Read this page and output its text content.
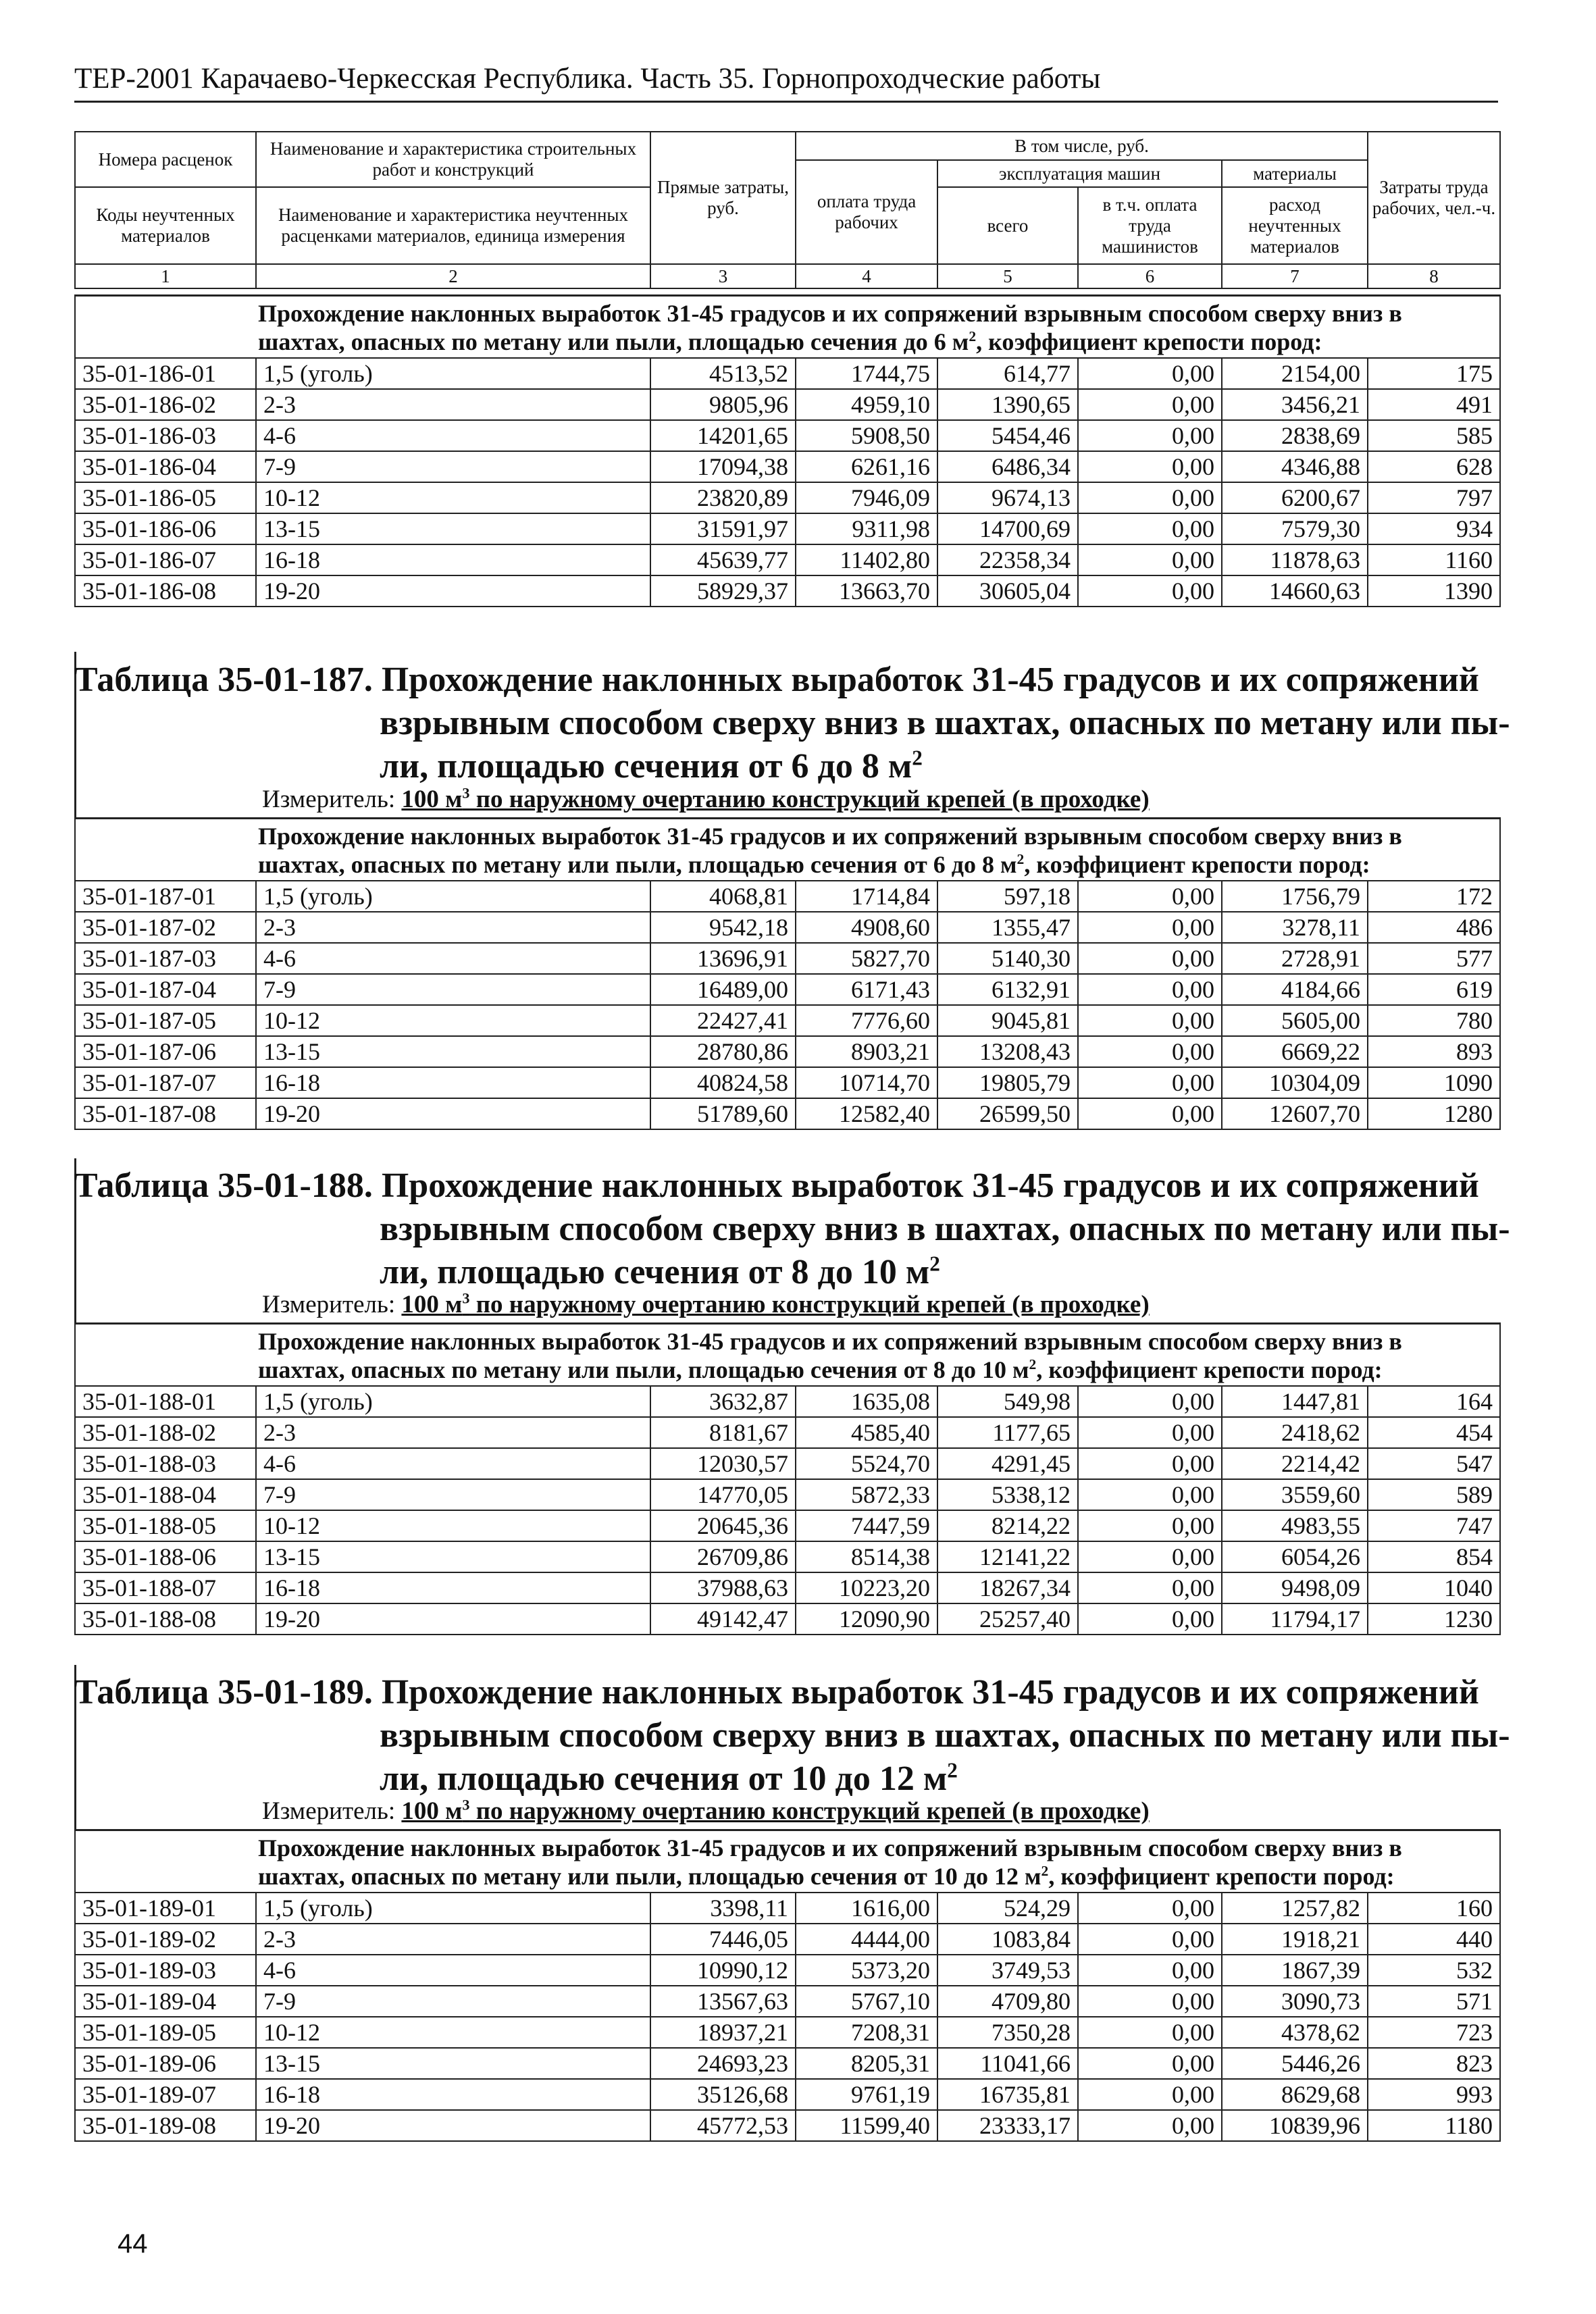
ТЕР-2001 Карачаево-Черкесская Республика. Часть 35. Горнопроходческие работы
Номера расценок	Наименование и характеристика строительных работ и конструкций	Прямые затраты, руб.	В том числе, руб.				Затраты труда рабочих, чел.-ч.
			оплата труда рабочих	эксплуатация машин		материалы	
Коды неучтенных материалов	Наименование и характеристика неучтенных расценками материалов, единица измерения			всего	в т.ч. оплата труда машинистов	расход неучтенных материалов	

1	2	3	4	5	6	7	8
Прохождение наклонных выработок 31-45 градусов и их сопряжений взрывным способом сверху вниз в шахтах, опасных по метану или пыли, площадью сечения до 6 $м^2$, коэффициент крепости пород:							
35-01-186-01	1,5 (уголь)	4513,52	1744,75	614,77	0,00	2154,00	175
35-01-186-02	2-3	9805,96	4959,10	1390,65	0,00	3456,21	491
35-01-186-03	4-6	14201,65	5908,50	5454,46	0,00	2838,69	585
35-01-186-04	7-9	17094,38	6261,16	6486,34	0,00	4346,88	628
35-01-186-05	10-12	23820,89	7946,09	9674,13	0,00	6200,67	797
35-01-186-06	13-15	31591,97	9311,98	14700,69	0,00	7579,30	934
35-01-186-07	16-18	45639,77	11402,80	22358,34	0,00	11878,63	1160
35-01-186-08	19-20	58929,37	13663,70	30605,04	0,00	14660,63	1390
Таблица 35-01-187. Прохождение наклонных выработок 31-45 градусов и их сопряжений
взрывным способом сверху вниз в шахтах, опасных по метану или пы-
ли, площадью сечения от 6 до 8 $м^2$
Измеритель: 100 $м^3$ по наружному очертанию конструкций крепей (в проходке)
Прохождение наклонных выработок 31-45 градусов и их сопряжений взрывным способом сверху вниз в шахтах, опасных по метану или пыли, площадью сечения от 6 до 8 $м^2$, коэффициент крепости пород:							
35-01-187-01	1,5 (уголь)	4068,81	1714,84	597,18	0,00	1756,79	172
35-01-187-02	2-3	9542,18	4908,60	1355,47	0,00	3278,11	486
35-01-187-03	4-6	13696,91	5827,70	5140,30	0,00	2728,91	577
35-01-187-04	7-9	16489,00	6171,43	6132,91	0,00	4184,66	619
35-01-187-05	10-12	22427,41	7776,60	9045,81	0,00	5605,00	780
35-01-187-06	13-15	28780,86	8903,21	13208,43	0,00	6669,22	893
35-01-187-07	16-18	40824,58	10714,70	19805,79	0,00	10304,09	1090
35-01-187-08	19-20	51789,60	12582,40	26599,50	0,00	12607,70	1280
Таблица 35-01-188. Прохождение наклонных выработок 31-45 градусов и их сопряжений
взрывным способом сверху вниз в шахтах, опасных по метану или пы-
ли, площадью сечения от 8 до 10 $м^2$
Измеритель: 100 $м^3$ по наружному очертанию конструкций крепей (в проходке)
Прохождение наклонных выработок 31-45 градусов и их сопряжений взрывным способом сверху вниз в шахтах, опасных по метану или пыли, площадью сечения от 8 до 10 $м^2$, коэффициент крепости пород:							
35-01-188-01	1,5 (уголь)	3632,87	1635,08	549,98	0,00	1447,81	164
35-01-188-02	2-3	8181,67	4585,40	1177,65	0,00	2418,62	454
35-01-188-03	4-6	12030,57	5524,70	4291,45	0,00	2214,42	547
35-01-188-04	7-9	14770,05	5872,33	5338,12	0,00	3559,60	589
35-01-188-05	10-12	20645,36	7447,59	8214,22	0,00	4983,55	747
35-01-188-06	13-15	26709,86	8514,38	12141,22	0,00	6054,26	854
35-01-188-07	16-18	37988,63	10223,20	18267,34	0,00	9498,09	1040
35-01-188-08	19-20	49142,47	12090,90	25257,40	0,00	11794,17	1230
Таблица 35-01-189. Прохождение наклонных выработок 31-45 градусов и их сопряжений
взрывным способом сверху вниз в шахтах, опасных по метану или пы-
ли, площадью сечения от 10 до 12 $м^2$
Измеритель: 100 $м^3$ по наружному очертанию конструкций крепей (в проходке)
Прохождение наклонных выработок 31-45 градусов и их сопряжений взрывным способом сверху вниз в шахтах, опасных по метану или пыли, площадью сечения от 10 до 12 $м^2$, коэффициент крепости пород:							
35-01-189-01	1,5 (уголь)	3398,11	1616,00	524,29	0,00	1257,82	160
35-01-189-02	2-3	7446,05	4444,00	1083,84	0,00	1918,21	440
35-01-189-03	4-6	10990,12	5373,20	3749,53	0,00	1867,39	532
35-01-189-04	7-9	13567,63	5767,10	4709,80	0,00	3090,73	571
35-01-189-05	10-12	18937,21	7208,31	7350,28	0,00	4378,62	723
35-01-189-06	13-15	24693,23	8205,31	11041,66	0,00	5446,26	823
35-01-189-07	16-18	35126,68	9761,19	16735,81	0,00	8629,68	993
35-01-189-08	19-20	45772,53	11599,40	23333,17	0,00	10839,96	1180
44
